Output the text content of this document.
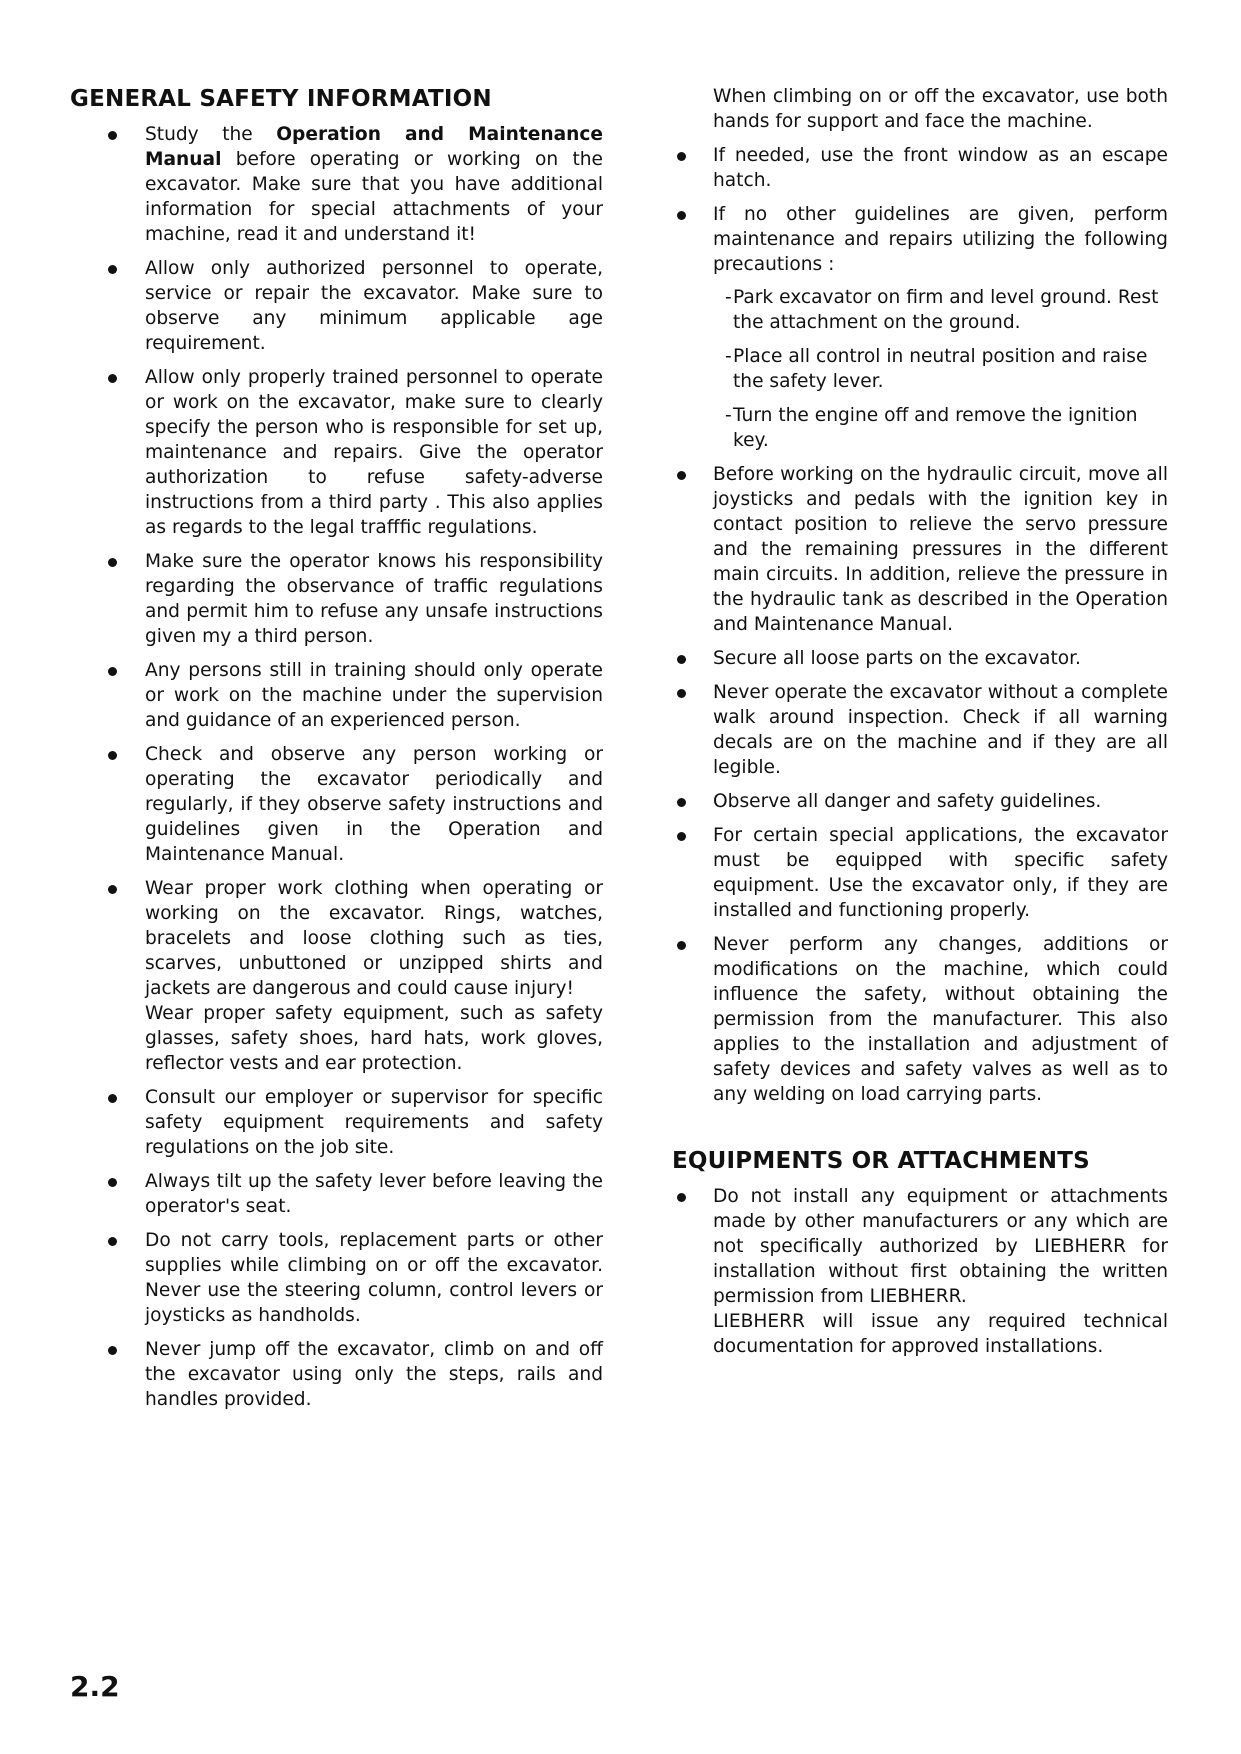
GENERAL SAFETY INFORMATION
Study the Operation and Maintenance Manual before operating or working on the excavator. Make sure that you have additional information for special attachments of your machine, read it and understand it!
Allow only authorized personnel to operate, service or repair the excavator. Make sure to observe any minimum applicable age requirement.
Allow only properly trained personnel to operate or work on the excavator, make sure to clearly specify the person who is responsible for set up, maintenance and repairs. Give the operator authorization to refuse safety-adverse instructions from a third party . This also applies as regards to the legal trafffic regulations.
Make sure the operator knows his responsibility regarding the observance of traffic regulations and permit him to refuse any unsafe instructions given my a third person.
Any persons still in training should only operate or work on the machine under the supervision and guidance of an experienced person.
Check and observe any person working or operating the excavator periodically and regularly, if they observe safety instructions and guidelines given in the Operation and Maintenance Manual.
Wear proper work clothing when operating or working on the excavator. Rings, watches, bracelets and loose clothing such as ties, scarves, unbuttoned or unzipped shirts and jackets are dangerous and could cause injury!
Wear proper safety equipment, such as safety glasses, safety shoes, hard hats, work gloves, reflector vests and ear protection.
Consult our employer or supervisor for specific safety equipment requirements and safety regulations on the job site.
Always tilt up the safety lever before leaving the operator's seat.
Do not carry tools, replacement parts or other supplies while climbing on or off the excavator. Never use the steering column, control levers or joysticks as handholds.
Never jump off the excavator, climb on and off the excavator using only the steps, rails and handles provided.

When climbing on or off the excavator, use both hands for support and face the machine.

If needed, use the front window as an escape hatch.
If no other guidelines are given, perform maintenance and repairs utilizing the following precautions :
- Park excavator on firm and level ground. Rest the attachment on the ground.
- Place all control in neutral position and raise the safety lever.
- Turn the engine off and remove the ignition key.
Before working on the hydraulic circuit, move all joysticks and pedals with the ignition key in contact position to relieve the servo pressure and the remaining pressures in the different main circuits. In addition, relieve the pressure in the hydraulic tank as described in the Operation and Maintenance Manual.
Secure all loose parts on the excavator.
Never operate the excavator without a complete walk around inspection. Check if all warning decals are on the machine and if they are all legible.
Observe all danger and safety guidelines.
For certain special applications, the excavator must be equipped with specific safety equipment. Use the excavator only, if they are installed and functioning properly.
Never perform any changes, additions or modifications on the machine, which could influence the safety, without obtaining the permission from the manufacturer. This also applies to the installation and adjustment of safety devices and safety valves as well as to any welding on load carrying parts.
EQUIPMENTS OR ATTACHMENTS
Do not install any equipment or attachments made by other manufacturers or any which are not specifically authorized by LIEBHERR for installation without first obtaining the written permission from LIEBHERR.
LIEBHERR will issue any required technical documentation for approved installations.
2.2
